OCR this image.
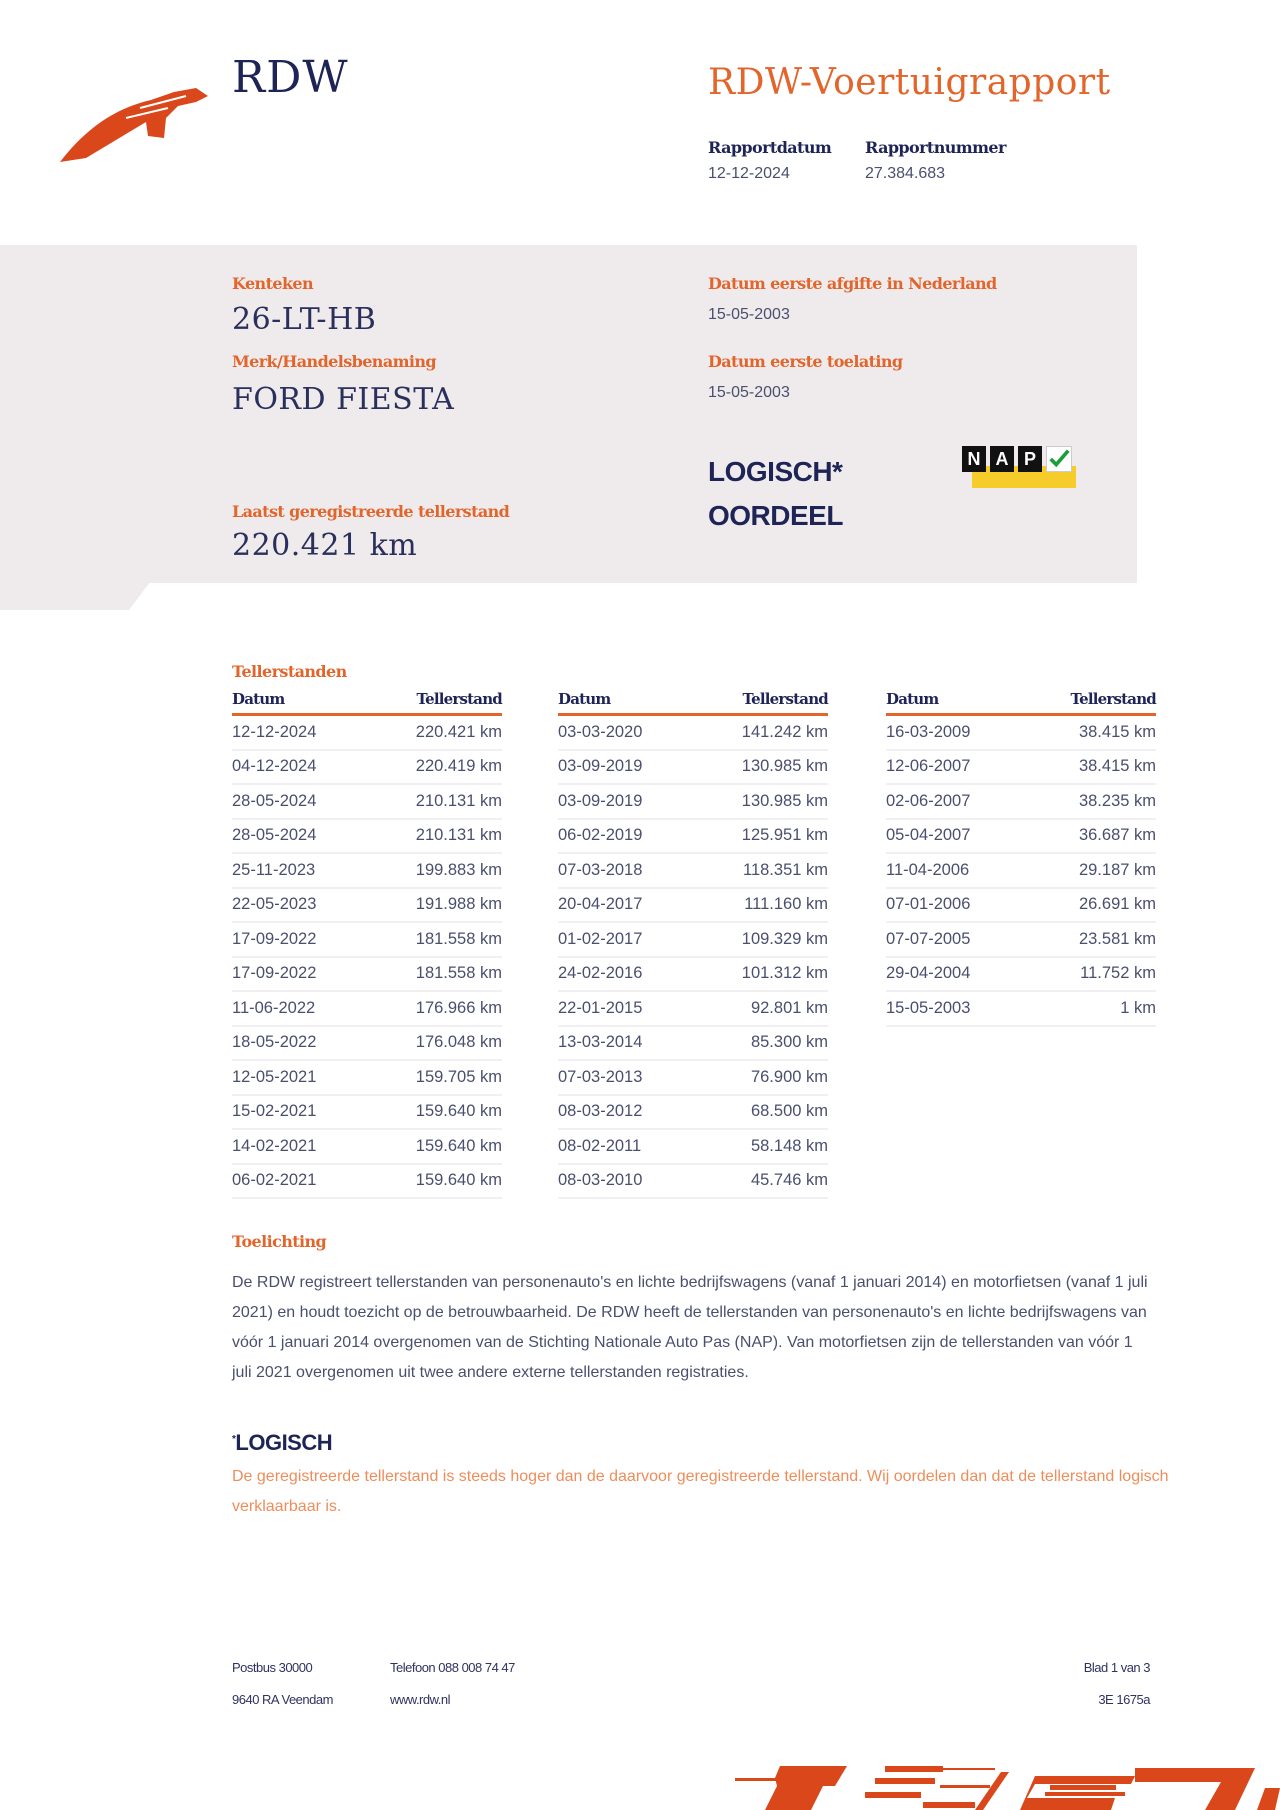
RDW	RDW-Voertuigrapport
Rapportdatum
12-12-2024
Rapportnummer
27.384.683
Kenteken
26-LT-HB
Merk/Handelsbenaming
FORD FIESTA
Laatst geregistreerde tellerstand
220.421 km
Datum eerste afgifte in Nederland
15-05-2003
Datum eerste toelating
15-05-2003
LOGISCH*
OORDEEL
N A P
Tellerstanden
Datum	Tellerstand
12-12-2024	220.421 km
04-12-2024	220.419 km
28-05-2024	210.131 km
28-05-2024	210.131 km
25-11-2023	199.883 km
22-05-2023	191.988 km
17-09-2022	181.558 km
17-09-2022	181.558 km
11-06-2022	176.966 km
18-05-2022	176.048 km
12-05-2021	159.705 km
15-02-2021	159.640 km
14-02-2021	159.640 km
06-02-2021	159.640 km
Datum	Tellerstand
03-03-2020	141.242 km
03-09-2019	130.985 km
03-09-2019	130.985 km
06-02-2019	125.951 km
07-03-2018	118.351 km
20-04-2017	111.160 km
01-02-2017	109.329 km
24-02-2016	101.312 km
22-01-2015	92.801 km
13-03-2014	85.300 km
07-03-2013	76.900 km
08-03-2012	68.500 km
08-02-2011	58.148 km
08-03-2010	45.746 km
Datum	Tellerstand
16-03-2009	38.415 km
12-06-2007	38.415 km
02-06-2007	38.235 km
05-04-2007	36.687 km
11-04-2006	29.187 km
07-01-2006	26.691 km
07-07-2005	23.581 km
29-04-2004	11.752 km
15-05-2003	1 km
Toelichting
De RDW registreert tellerstanden van personenauto's en lichte bedrijfswagens (vanaf 1 januari 2014) en motorfietsen (vanaf 1 juli 2021) en houdt toezicht op de betrouwbaarheid. De RDW heeft de tellerstanden van personenauto's en lichte bedrijfswagens van vóór 1 januari 2014 overgenomen van de Stichting Nationale Auto Pas (NAP). Van motorfietsen zijn de tellerstanden van vóór 1 juli 2021 overgenomen uit twee andere externe tellerstanden registraties.
*LOGISCH
De geregistreerde tellerstand is steeds hoger dan de daarvoor geregistreerde tellerstand. Wij oordelen dan dat de tellerstand logisch verklaarbaar is.
Postbus 30000
9640 RA Veendam
Telefoon 088 008 74 47
www.rdw.nl
Blad 1 van 3
3E 1675a
